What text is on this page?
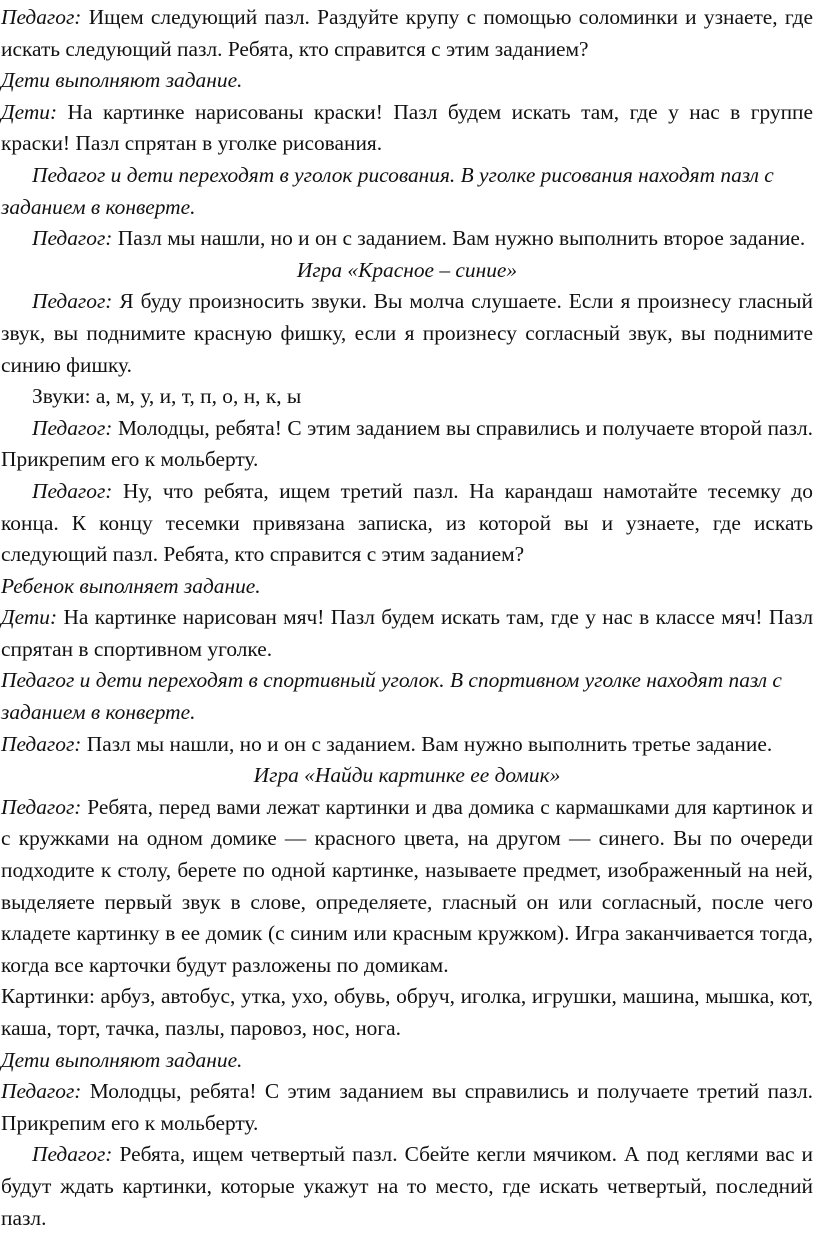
Педагог: Ищем следующий пазл. Раздуйте крупу с помощью соломинки и узнаете, где искать следующий пазл. Ребята, кто справится с этим заданием?

Дети выполняют задание.

Дети: На картинке нарисованы краски! Пазл будем искать там, где у нас в группе краски! Пазл спрятан в уголке рисования.

Педагог и дети переходят в уголок рисования. В уголке рисования находят пазл с заданием в конверте.

Педагог: Пазл мы нашли, но и он с заданием. Вам нужно выполнить второе задание.

Игра «Красное – синие»

Педагог: Я буду произносить звуки. Вы молча слушаете. Если я произнесу гласный звук, вы поднимите красную фишку, если я произнесу согласный звук, вы поднимите синию фишку.

Звуки: а, м, у, и, т, п, о, н, к, ы

Педагог: Молодцы, ребята! С этим заданием вы справились и получаете второй пазл. Прикрепим его к мольберту.

Педагог: Ну, что ребята, ищем третий пазл. На карандаш намотайте тесемку до конца. К концу тесемки привязана записка, из которой вы и узнаете, где искать следующий пазл. Ребята, кто справится с этим заданием?

Ребенок выполняет задание.

Дети: На картинке нарисован мяч! Пазл будем искать там, где у нас в классе мяч! Пазл спрятан в спортивном уголке.

Педагог и дети переходят в спортивный уголок. В спортивном уголке находят пазл с заданием в конверте.

Педагог: Пазл мы нашли, но и он с заданием. Вам нужно выполнить третье задание.

Игра «Найди картинке ее домик»

Педагог: Ребята, перед вами лежат картинки и два домика с кармашками для картинок и с кружками на одном домике — красного цвета, на другом — синего. Вы по очереди подходите к столу, берете по одной картинке, называете предмет, изображенный на ней, выделяете первый звук в слове, определяете, гласный он или согласный, после чего кладете картинку в ее домик (с синим или красным кружком). Игра заканчивается тогда, когда все карточки будут разложены по домикам.

Картинки: арбуз, автобус, утка, ухо, обувь, обруч, иголка, игрушки, машина, мышка, кот, каша, торт, тачка, пазлы, паровоз, нос, нога.

Дети выполняют задание.

Педагог: Молодцы, ребята! С этим заданием вы справились и получаете третий пазл. Прикрепим его к мольберту.

Педагог: Ребята, ищем четвертый пазл. Сбейте кегли мячиком. А под кеглями вас и будут ждать картинки, которые укажут на то место, где искать четвертый, последний пазл.
